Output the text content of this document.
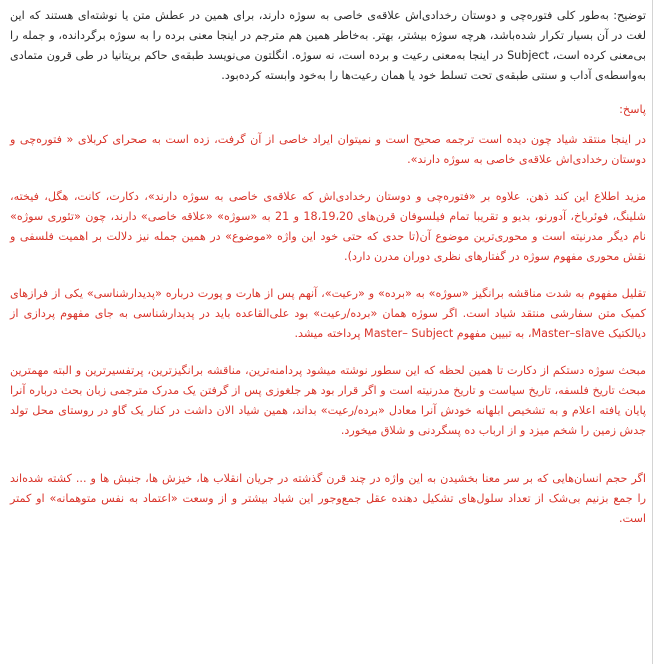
توضیح: به‌طور کلی فتوره‌چی و دوستان رخدادی‌اش علاقه‌ی خاصی به سوژه دارند، برای همین در عطش متن یا نوشته‌ای هستند که این لغت در آن بسیار تکرار شده‌باشد، هرچه سوژه بیشتر، بهتر. به‌خاطر همین هم مترجم در اینجا معنی برده را به سوژه برگردانده، و جمله را بی‌معنی کرده است، Subject در اینجا به‌معنی رعیت و برده است، نه سوژه. انگلتون می‌نویسد طبقه‌ی حاکم بریتانیا در طی قرون متمادی به‌واسطه‌ی آداب و سنتی طبقه‌ی تحت تسلط خود یا همان رعیت‌ها را به‌خود وابسته کرده‌بود.

پاسخ:

در اینجا منتقد شیاد چون دیده است ترجمه صحیح است و نمیتوان ایراد خاصی از آن گرفت، زده است به صحرای کربلای « فتوره‌چی و دوستان رخدادی‌اش علاقه‌ی خاصی به سوژه دارند».

مزید اطلاع این کند ذهن. علاوه بر «فتوره‌چی و دوستان رخدادی‌اش که علاقه‌ی خاصی به سوژه دارند»، دکارت، کانت، هگل، فیخته، شلینگ، فوئرباخ، آدورنو، بدیو و تقریبا تمام فیلسوفان قرن‌های 18،19،20 و 21 به «سوژه» «علاقه خاصی» دارند، چون «تئوری سوژه» نام دیگر مدرنیته است و محوری‌ترین موضوع آن(تا حدی که حتی خود این واژه «موضوع» در همین جمله نیز دلالت بر اهمیت فلسفی و نقش محوری مفهوم سوژه در گفتارهای نظری دوران مدرن دارد).

تقلیل مفهوم به شدت مناقشه برانگیز «سوژه» به «برده» و «رعیت»، آنهم پس از هارت و پورت درباره «پدیدارشناسی» یکی از فرازهای کمیک متن سفارشی منتقد شیاد است. اگر سوژه همان «برده/رعیت» بود علی‌القاعده باید در پدیدارشناسی به جای مفهوم پردازی از دیالکتیک Master–slave، به تبیین مفهوم Master– Subject پرداخته میشد.

مبحث سوژه دستکم از دکارت تا همین لحظه که این سطور نوشته میشود پردامنه‌ترین، مناقشه برانگیزترین، پرتفسیرترین و البته مهمترین مبحث تاریخ فلسفه، تاریخ سیاست و تاریخ مدرنیته است و اگر قرار بود هر جلغوزی پس از گرفتن یک مدرک مترجمی زبان بحث درباره آنرا پایان یافته اعلام و به تشخیص ابلهانه خودش آنرا معادل «برده/رعیت» بداند، همین شیاد الان داشت در کنار یک گاو در روستای محل تولد جدش زمین را شخم میزد و از ارباب ده پسگردنی و شلاق میخورد.

اگر حجم انسان‌هایی که بر سر معنا بخشیدن به این واژه در چند قرن گذشته در جریان انقلاب ها، خیزش ها، جنبش ها و ... کشته شده‌اند را جمع بزنیم بی‌شک از تعداد سلول‌های تشکیل دهنده عقل جمع‌وجور این شیاد بیشتر و از وسعت «اعتماد به نفس متوهمانه» او کمتر است.
